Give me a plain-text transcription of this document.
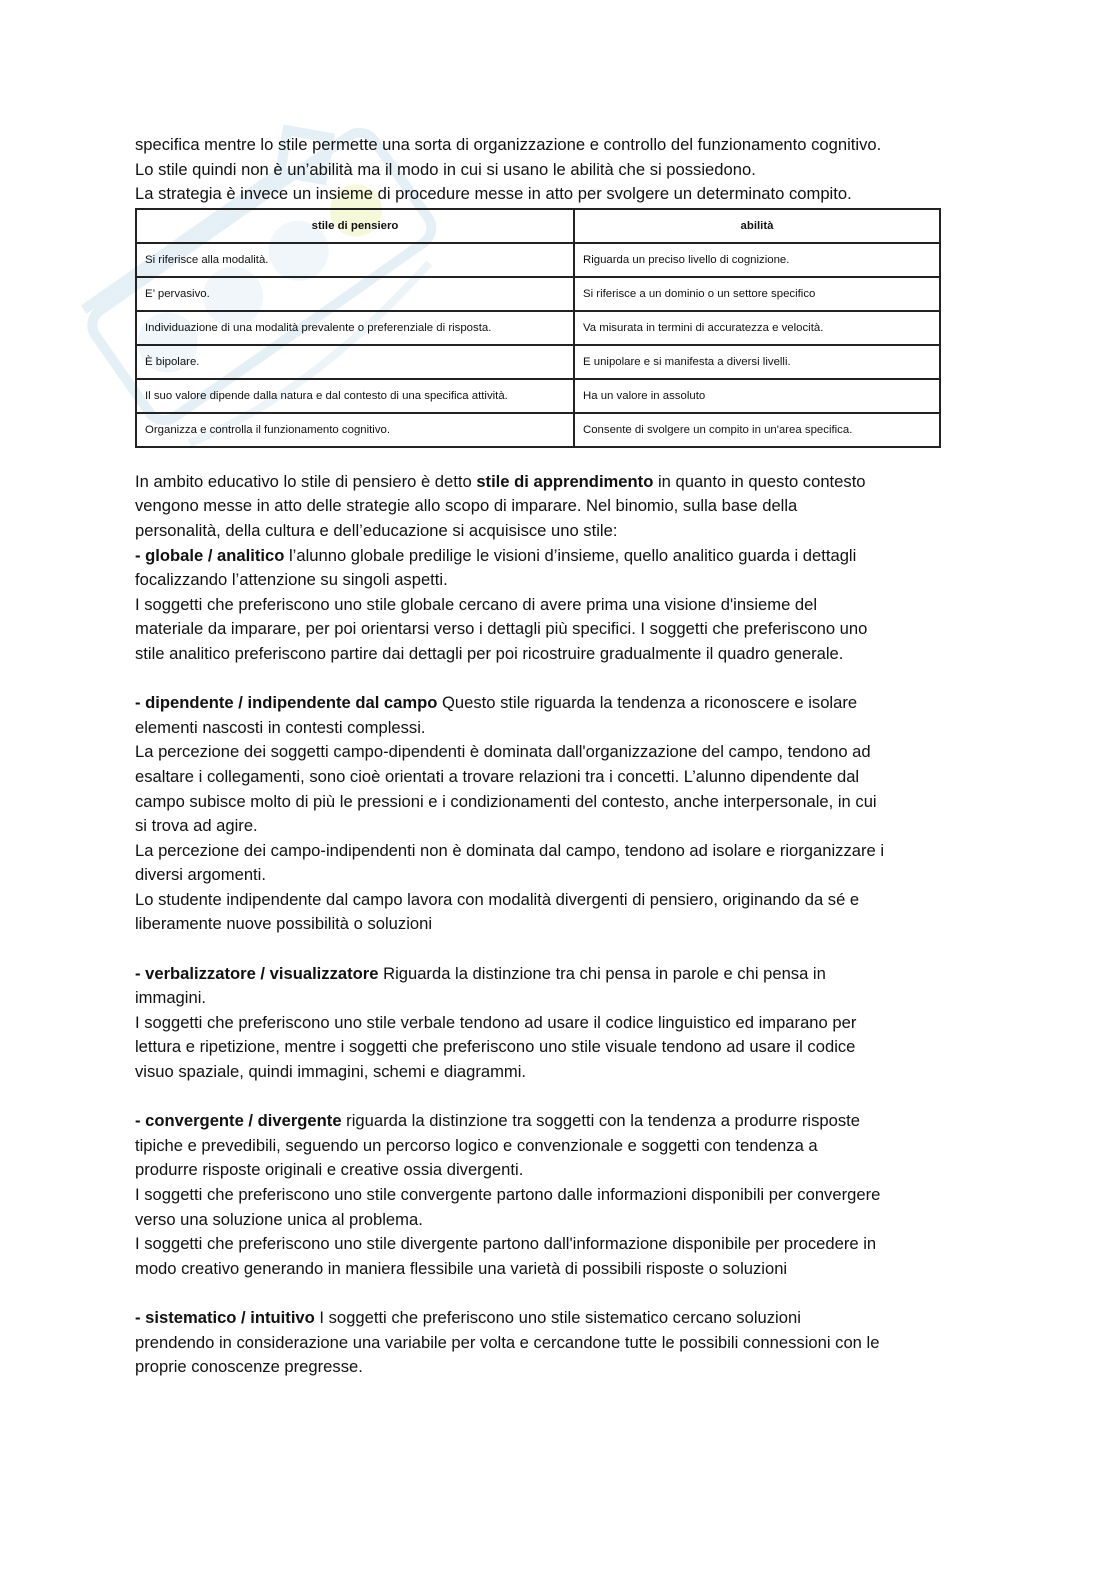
specifica mentre lo stile permette una sorta di organizzazione e controllo del funzionamento cognitivo.

Lo stile quindi non è un’abilità ma il modo in cui si usano le abilità che si possiedono.

La strategia è invece un insieme di procedure messe in atto per svolgere un determinato compito.

stile di pensiero	abilità
Si riferisce alla modalità.	Riguarda un preciso livello di cognizione.
E’ pervasivo.	Si riferisce a un dominio o un settore specifico
Individuazione di una modalità prevalente o preferenziale di risposta.	Va misurata in termini di accuratezza e velocità.
È bipolare.	E unipolare e si manifesta a diversi livelli.
Il suo valore dipende dalla natura e dal contesto di una specifica attività.	Ha un valore in assoluto
Organizza e controlla il funzionamento cognitivo.	Consente di svolgere un compito in un'area specifica.

In ambito educativo lo stile di pensiero è detto stile di apprendimento in quanto in questo contesto

vengono messe in atto delle strategie allo scopo di imparare. Nel binomio, sulla base della

personalità, della cultura e dell’educazione si acquisisce uno stile:

- globale / analitico l’alunno globale predilige le visioni d’insieme, quello analitico guarda i dettagli

focalizzando l’attenzione su singoli aspetti.

I soggetti che preferiscono uno stile globale cercano di avere prima una visione d'insieme del

materiale da imparare, per poi orientarsi verso i dettagli più specifici. I soggetti che preferiscono uno

stile analitico preferiscono partire dai dettagli per poi ricostruire gradualmente il quadro generale.

- dipendente / indipendente dal campo Questo stile riguarda la tendenza a riconoscere e isolare

elementi nascosti in contesti complessi.

La percezione dei soggetti campo-dipendenti è dominata dall'organizzazione del campo, tendono ad

esaltare i collegamenti, sono cioè orientati a trovare relazioni tra i concetti. L’alunno dipendente dal

campo subisce molto di più le pressioni e i condizionamenti del contesto, anche interpersonale, in cui

si trova ad agire.

La percezione dei campo-indipendenti non è dominata dal campo, tendono ad isolare e riorganizzare i

diversi argomenti.

Lo studente indipendente dal campo lavora con modalità divergenti di pensiero, originando da sé e

liberamente nuove possibilità o soluzioni

- verbalizzatore / visualizzatore Riguarda la distinzione tra chi pensa in parole e chi pensa in

immagini.

I soggetti che preferiscono uno stile verbale tendono ad usare il codice linguistico ed imparano per

lettura e ripetizione, mentre i soggetti che preferiscono uno stile visuale tendono ad usare il codice

visuo spaziale, quindi immagini, schemi e diagrammi.

- convergente / divergente riguarda la distinzione tra soggetti con la tendenza a produrre risposte

tipiche e prevedibili, seguendo un percorso logico e convenzionale e soggetti con tendenza a

produrre risposte originali e creative ossia divergenti.

I soggetti che preferiscono uno stile convergente partono dalle informazioni disponibili per convergere

verso una soluzione unica al problema.

I soggetti che preferiscono uno stile divergente partono dall'informazione disponibile per procedere in

modo creativo generando in maniera flessibile una varietà di possibili risposte o soluzioni

- sistematico / intuitivo I soggetti che preferiscono uno stile sistematico cercano soluzioni

prendendo in considerazione una variabile per volta e cercandone tutte le possibili connessioni con le

proprie conoscenze pregresse.
